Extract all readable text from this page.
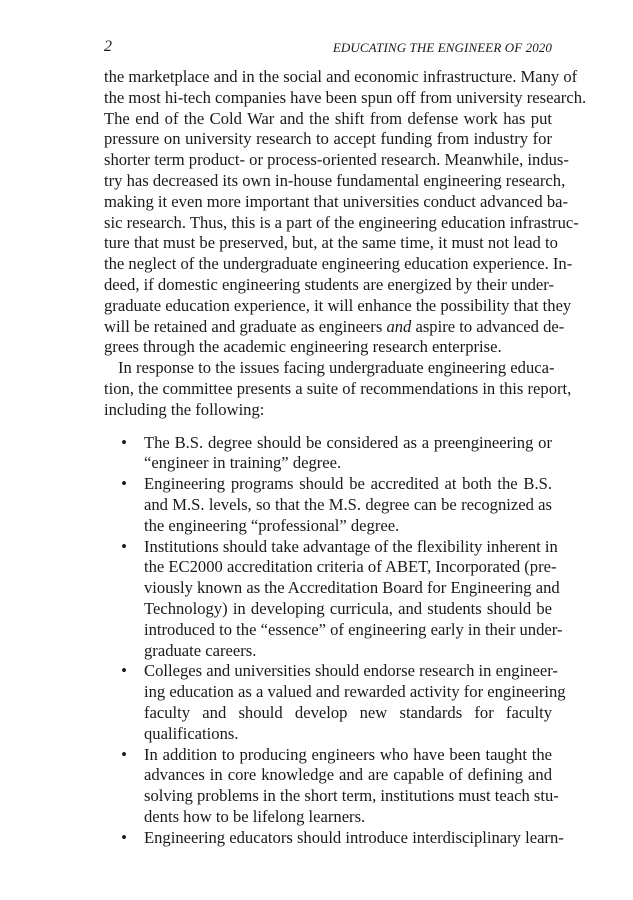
2	EDUCATING THE ENGINEER OF 2020
the marketplace and in the social and economic infrastructure. Many of
the most hi-tech companies have been spun off from university research.
The end of the Cold War and the shift from defense work has put
pressure on university research to accept funding from industry for
shorter term product- or process-oriented research. Meanwhile, indus-
try has decreased its own in-house fundamental engineering research,
making it even more important that universities conduct advanced ba-
sic research. Thus, this is a part of the engineering education infrastruc-
ture that must be preserved, but, at the same time, it must not lead to
the neglect of the undergraduate engineering education experience. In-
deed, if domestic engineering students are energized by their under-
graduate education experience, it will enhance the possibility that they
will be retained and graduate as engineers and aspire to advanced de-
grees through the academic engineering research enterprise.
In response to the issues facing undergraduate engineering educa-
tion, the committee presents a suite of recommendations in this report,
including the following:
• The B.S. degree should be considered as a preengineering or
“engineer in training” degree.
• Engineering programs should be accredited at both the B.S.
and M.S. levels, so that the M.S. degree can be recognized as
the engineering “professional” degree.
• Institutions should take advantage of the flexibility inherent in
the EC2000 accreditation criteria of ABET, Incorporated (pre-
viously known as the Accreditation Board for Engineering and
Technology) in developing curricula, and students should be
introduced to the “essence” of engineering early in their under-
graduate careers.
• Colleges and universities should endorse research in engineer-
ing education as a valued and rewarded activity for engineering
faculty and should develop new standards for faculty
qualifications.
• In addition to producing engineers who have been taught the
advances in core knowledge and are capable of defining and
solving problems in the short term, institutions must teach stu-
dents how to be lifelong learners.
• Engineering educators should introduce interdisciplinary learn-
